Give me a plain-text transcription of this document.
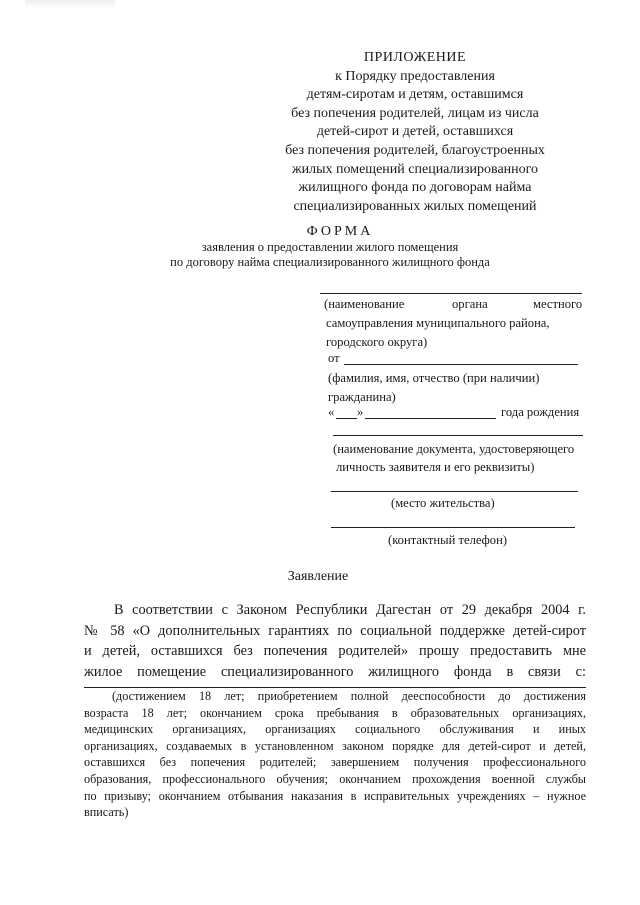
ПРИЛОЖЕНИЕ
к Порядку предоставления
детям-сиротам и детям, оставшимся
без попечения родителей, лицам из числа
детей-сирот и детей, оставшихся
без попечения родителей, благоустроенных
жилых помещений специализированного
жилищного фонда по договорам найма
специализированных жилых помещений
ФОРМА
заявления о предоставлении жилого помещения
по договору найма специализированного жилищного фонда
(наименование	органа	местного
самоуправления муниципального района,
городского округа)
от
(фамилия, имя, отчество (при наличии)
гражданина)
« »	года рождения
(наименование документа, удостоверяющего
личность заявителя и его реквизиты)
(место жительства)
(контактный телефон)
Заявление
В соответствии с Законом Республики Дагестан от 29 декабря 2004 г.
№ 58 «О дополнительных гарантиях по социальной поддержке детей-сирот
и детей, оставшихся без попечения родителей» прошу предоставить мне
жилое помещение специализированного жилищного фонда в связи с:
(достижением 18 лет; приобретением полной дееспособности до достижения
возраста 18 лет; окончанием срока пребывания в образовательных организациях,
медицинских организациях, организациях социального обслуживания и иных
организациях, создаваемых в установленном законом порядке для детей-сирот и детей,
оставшихся без попечения родителей; завершением получения профессионального
образования, профессионального обучения; окончанием прохождения военной службы
по призыву; окончанием отбывания наказания в исправительных учреждениях – нужное
вписать)
